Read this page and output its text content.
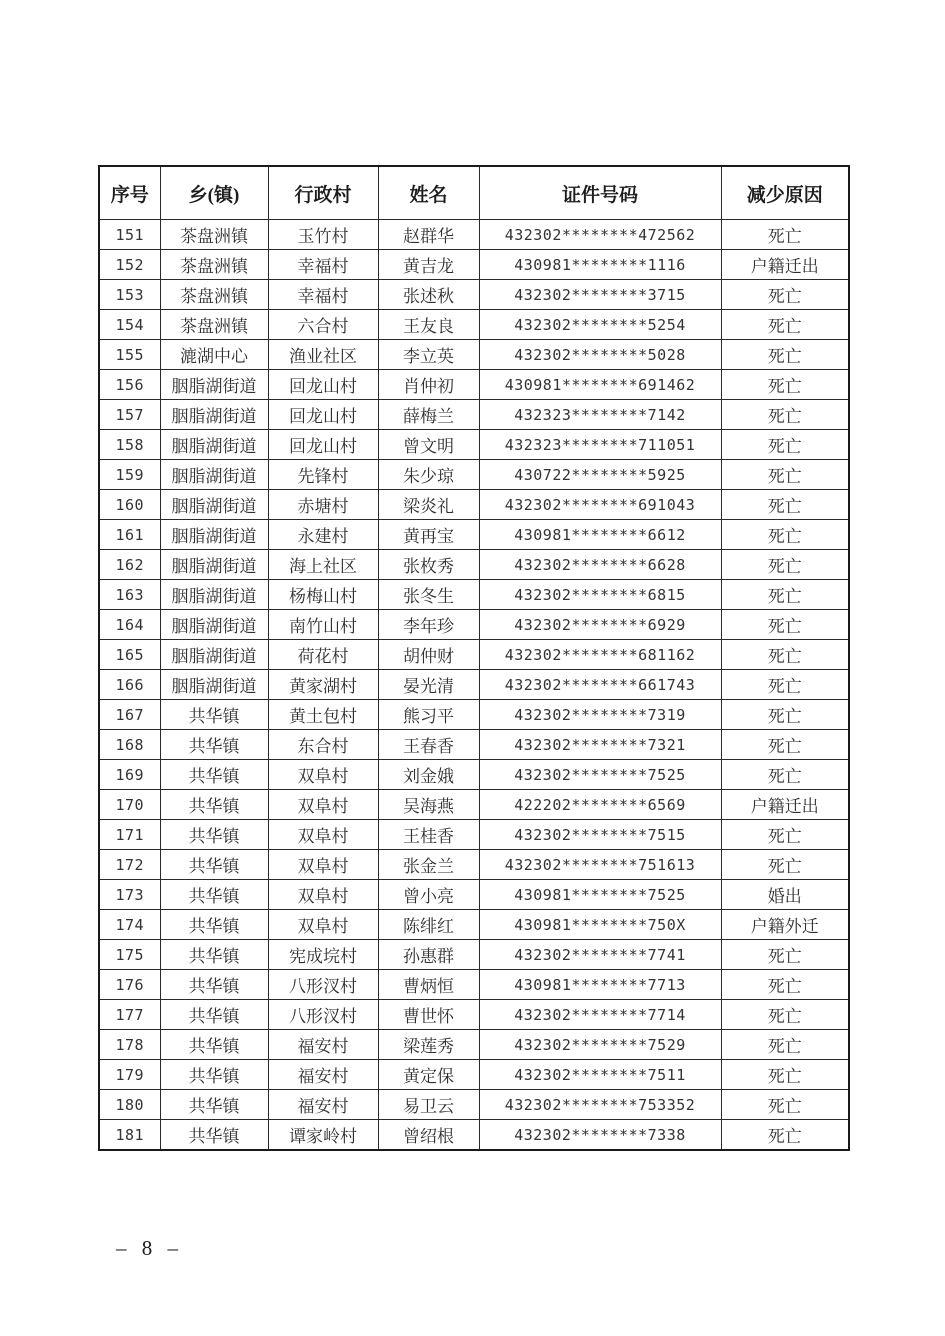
序号	乡(镇)	行政村	姓名	证件号码	减少原因
151	茶盘洲镇	玉竹村	赵群华	432302********472562	死亡
152	茶盘洲镇	幸福村	黄吉龙	430981********1116	户籍迁出
153	茶盘洲镇	幸福村	张述秋	432302********3715	死亡
154	茶盘洲镇	六合村	王友良	432302********5254	死亡
155	漉湖中心	渔业社区	李立英	432302********5028	死亡
156	胭脂湖街道	回龙山村	肖仲初	430981********691462	死亡
157	胭脂湖街道	回龙山村	薛梅兰	432323********7142	死亡
158	胭脂湖街道	回龙山村	曾文明	432323********711051	死亡
159	胭脂湖街道	先锋村	朱少琼	430722********5925	死亡
160	胭脂湖街道	赤塘村	梁炎礼	432302********691043	死亡
161	胭脂湖街道	永建村	黄再宝	430981********6612	死亡
162	胭脂湖街道	海上社区	张枚秀	432302********6628	死亡
163	胭脂湖街道	杨梅山村	张冬生	432302********6815	死亡
164	胭脂湖街道	南竹山村	李年珍	432302********6929	死亡
165	胭脂湖街道	荷花村	胡仲财	432302********681162	死亡
166	胭脂湖街道	黄家湖村	晏光清	432302********661743	死亡
167	共华镇	黄土包村	熊习平	432302********7319	死亡
168	共华镇	东合村	王春香	432302********7321	死亡
169	共华镇	双阜村	刘金娥	432302********7525	死亡
170	共华镇	双阜村	吴海燕	422202********6569	户籍迁出
171	共华镇	双阜村	王桂香	432302********7515	死亡
172	共华镇	双阜村	张金兰	432302********751613	死亡
173	共华镇	双阜村	曾小亮	430981********7525	婚出
174	共华镇	双阜村	陈绯红	430981********750X	户籍外迁
175	共华镇	宪成垸村	孙惠群	432302********7741	死亡
176	共华镇	八形汊村	曹炳恒	430981********7713	死亡
177	共华镇	八形汊村	曹世怀	432302********7714	死亡
178	共华镇	福安村	梁莲秀	432302********7529	死亡
179	共华镇	福安村	黄定保	432302********7511	死亡
180	共华镇	福安村	易卫云	432302********753352	死亡
181	共华镇	谭家岭村	曾绍根	432302********7338	死亡
– 8 –
